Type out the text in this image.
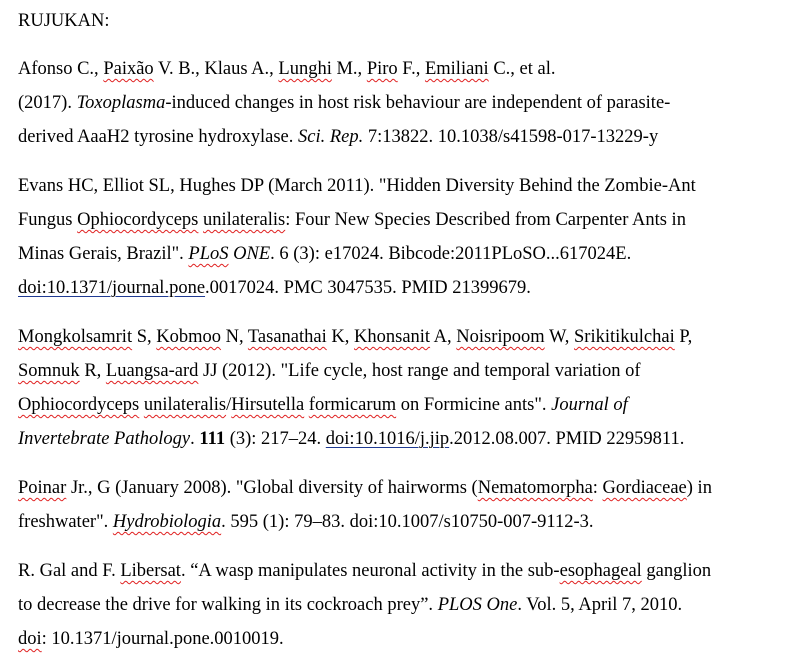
RUJUKAN:
Afonso C., Paixão V. B., Klaus A., Lunghi M., Piro F., Emiliani C., et al.
(2017). Toxoplasma-induced changes in host risk behaviour are independent of parasite-
derived AaaH2 tyrosine hydroxylase. Sci. Rep. 7:13822. 10.1038/s41598-017-13229-y
Evans HC, Elliot SL, Hughes DP (March 2011). "Hidden Diversity Behind the Zombie-Ant
Fungus Ophiocordyceps unilateralis: Four New Species Described from Carpenter Ants in
Minas Gerais, Brazil". PLoS ONE. 6 (3): e17024. Bibcode:2011PLoSO...617024E.
doi:10.1371/journal.pone.0017024. PMC 3047535. PMID 21399679.
Mongkolsamrit S, Kobmoo N, Tasanathai K, Khonsanit A, Noisripoom W, Srikitikulchai P,
Somnuk R, Luangsa-ard JJ (2012). "Life cycle, host range and temporal variation of
Ophiocordyceps unilateralis/Hirsutella formicarum on Formicine ants". Journal of
Invertebrate Pathology. 111 (3): 217–24. doi:10.1016/j.jip.2012.08.007. PMID 22959811.
Poinar Jr., G (January 2008). "Global diversity of hairworms (Nematomorpha: Gordiaceae) in
freshwater". Hydrobiologia. 595 (1): 79–83. doi:10.1007/s10750-007-9112-3.
R. Gal and F. Libersat. “A wasp manipulates neuronal activity in the sub-esophageal ganglion
to decrease the drive for walking in its cockroach prey”. PLOS One. Vol. 5, April 7, 2010.
doi: 10.1371/journal.pone.0010019.
